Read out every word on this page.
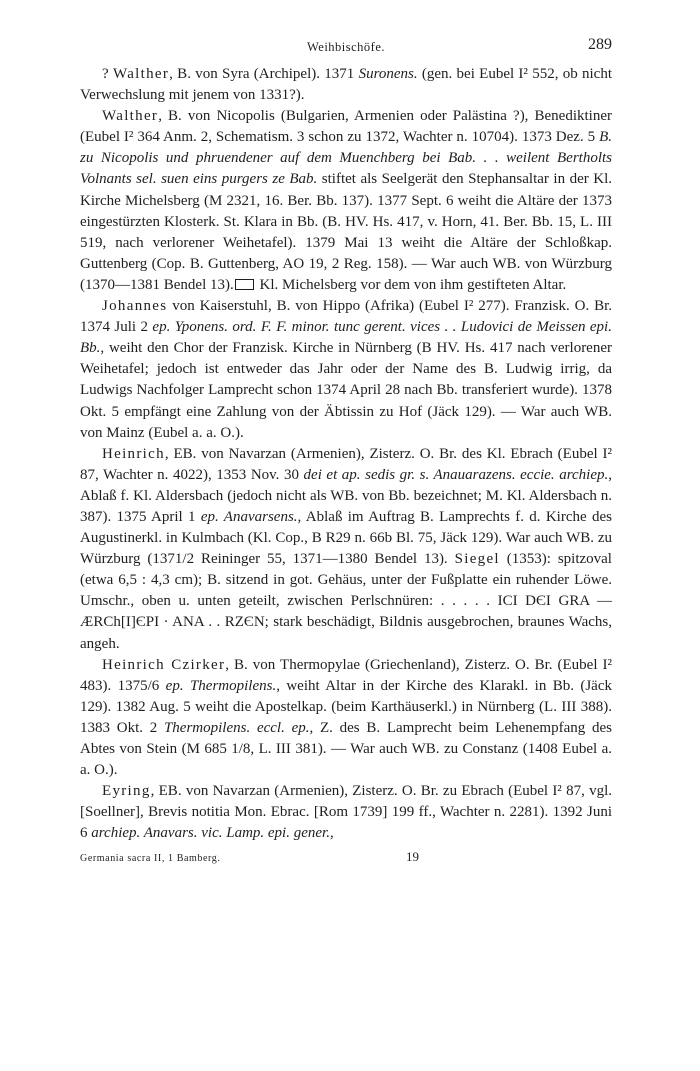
Weihbischöfe.	289

? Walther, B. von Syra (Archipel). 1371 Suronens. (gen. bei Eubel I² 552, ob nicht Verwechslung mit jenem von 1331?).

Walther, B. von Nicopolis (Bulgarien, Armenien oder Palästina ?), Benediktiner (Eubel I² 364 Anm. 2, Schematism. 3 schon zu 1372, Wachter n. 10704). 1373 Dez. 5 B. zu Nicopolis und phruendener auf dem Muenchberg bei Bab. . . weilent Bertholts Volnants sel. suen eins purgers ze Bab. stiftet als Seelgerät den Stephansaltar in der Kl. Kirche Michelsberg (M 2321, 16. Ber. Bb. 137). 1377 Sept. 6 weiht die Altäre der 1373 eingestürzten Klosterk. St. Klara in Bb. (B. HV. Hs. 417, v. Horn, 41. Ber. Bb. 15, L. III 519, nach verlorener Weihetafel). 1379 Mai 13 weiht die Altäre der Schloßkap. Guttenberg (Cop. B. Guttenberg, AO 19, 2 Reg. 158). — War auch WB. von Würzburg (1370—1381 Bendel 13). Kl. Michelsberg vor dem von ihm gestifteten Altar.

Johannes von Kaiserstuhl, B. von Hippo (Afrika) (Eubel I² 277). Franzisk. O. Br. 1374 Juli 2 ep. Yponens. ord. F. F. minor. tunc gerent. vices . . Ludovici de Meissen epi. Bb., weiht den Chor der Franzisk. Kirche in Nürnberg (B HV. Hs. 417 nach verlorener Weihetafel; jedoch ist entweder das Jahr oder der Name des B. Ludwig irrig, da Ludwigs Nachfolger Lamprecht schon 1374 April 28 nach Bb. transferiert wurde). 1378 Okt. 5 empfängt eine Zahlung von der Äbtissin zu Hof (Jäck 129). — War auch WB. von Mainz (Eubel a. a. O.).

Heinrich, EB. von Navarzan (Armenien), Zisterz. O. Br. des Kl. Ebrach (Eubel I² 87, Wachter n. 4022), 1353 Nov. 30 dei et ap. sedis gr. s. Anauarazens. eccie. archiep., Ablaß f. Kl. Aldersbach (jedoch nicht als WB. von Bb. bezeichnet; M. Kl. Aldersbach n. 387). 1375 April 1 ep. Anavarsens., Ablaß im Auftrag B. Lamprechts f. d. Kirche des Augustinerkl. in Kulmbach (Kl. Cop., B R29 n. 66b Bl. 75, Jäck 129). War auch WB. zu Würzburg (1371/2 Reininger 55, 1371—1380 Bendel 13). Siegel (1353): spitzoval (etwa 6,5 : 4,3 cm); B. sitzend in got. Gehäus, unter der Fußplatte ein ruhender Löwe. Umschr., oben u. unten geteilt, zwischen Perlschnüren: . . . . . ICI DЄI GRA — ÆRCh[I]ЄPI · ANA . . RZЄN; stark beschädigt, Bildnis ausgebrochen, braunes Wachs, angeh.

Heinrich Czirker, B. von Thermopylae (Griechenland), Zisterz. O. Br. (Eubel I² 483). 1375/6 ep. Thermopilens., weiht Altar in der Kirche des Klarakl. in Bb. (Jäck 129). 1382 Aug. 5 weiht die Apostelkap. (beim Karthäuserkl.) in Nürnberg (L. III 388). 1383 Okt. 2 Thermopilens. eccl. ep., Z. des B. Lamprecht beim Lehenempfang des Abtes von Stein (M 685 1/8, L. III 381). — War auch WB. zu Constanz (1408 Eubel a. a. O.).

Eyring, EB. von Navarzan (Armenien), Zisterz. O. Br. zu Ebrach (Eubel I² 87, vgl. [Soellner], Brevis notitia Mon. Ebrac. [Rom 1739] 199 ff., Wachter n. 2281). 1392 Juni 6 archiep. Anavars. vic. Lamp. epi. gener.,

Germania sacra II, 1 Bamberg.	19
